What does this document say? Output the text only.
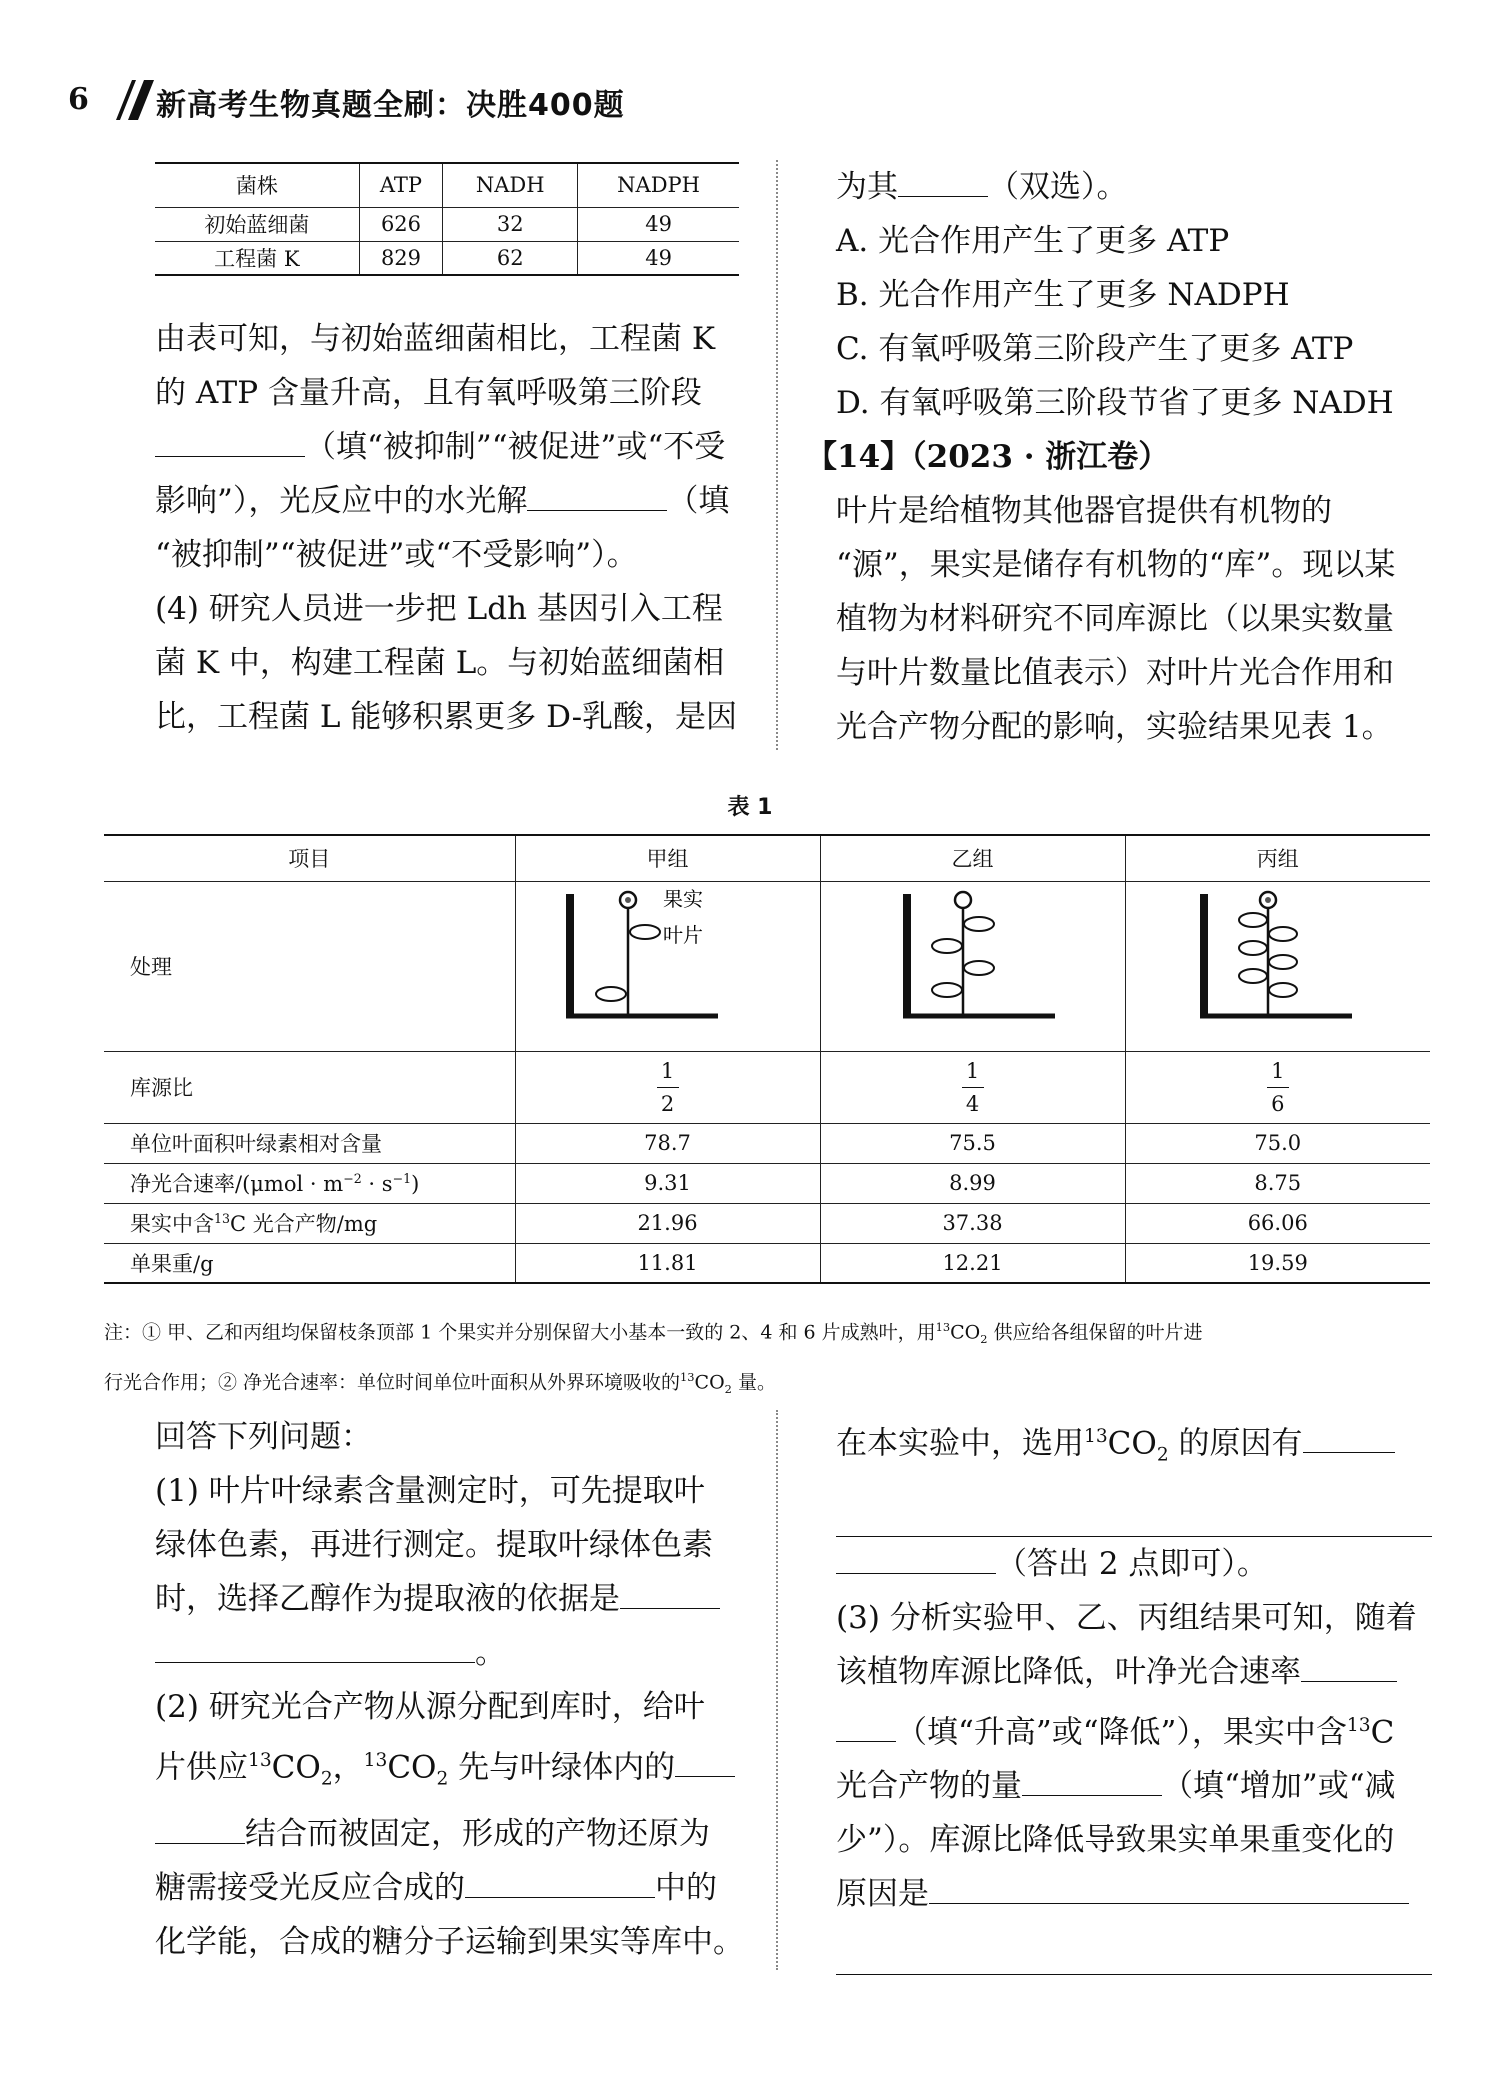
6 新高考生物真题全刷：决胜400题
菌株	ATP	NADH	NADPH
初始蓝细菌	626	32	49
工程菌 K	829	62	49

由表可知，与初始蓝细菌相比，工程菌 K

的 ATP 含量升高，且有氧呼吸第三阶段

（填“被抑制”“被促进”或“不受

影响”），光反应中的水光解	（填

“被抑制”“被促进”或“不受影响”）。

(4) 研究人员进一步把 Ldh 基因引入工程

菌 K 中，构建工程菌 L。与初始蓝细菌相

比，工程菌 L 能够积累更多 D-乳酸，是因

为其	（双选）。

A. 光合作用产生了更多 ATP

B. 光合作用产生了更多 NADPH

C. 有氧呼吸第三阶段产生了更多 ATP

D. 有氧呼吸第三阶段节省了更多 NADH

【14】（2023 · 浙江卷）

叶片是给植物其他器官提供有机物的

“源”，果实是储存有机物的“库”。现以某

植物为材料研究不同库源比（以果实数量

与叶片数量比值表示）对叶片光合作用和

光合产物分配的影响，实验结果见表 1。

表 1
项目	甲组	乙组	丙组
处理	果实
叶片

库源比	$\frac{1}{2}$	$\frac{1}{4}$	$\frac{1}{6}$

单位叶面积叶绿素相对含量	78.7	75.5	75.0
净光合速率$/(\mu mol \cdot m^{-2} \cdot s^{-1})$	9.31	8.99	8.75
果实中含$^{13}$C 光合产物/mg	21.96	37.38	66.06
单果重/g	11.81	12.21	19.59
注：① 甲、乙和丙组均保留枝条顶部 1 个果实并分别保留大小基本一致的 2、4 和 6 片成熟叶，用$^{13}CO_2$ 供应给各组保留的叶片进
行光合作用；② 净光合速率：单位时间单位叶面积从外界环境吸收的$^{13}CO_2$ 量。

回答下列问题：

(1) 叶片叶绿素含量测定时，可先提取叶

绿体色素，再进行测定。提取叶绿体色素

时，选择乙醇作为提取液的依据是

。

(2) 研究光合产物从源分配到库时，给叶

片供应$^{13}CO_2$，$^{13}CO_2$ 先与叶绿体内的

结合而被固定，形成的产物还原为

糖需接受光反应合成的	中的

化学能，合成的糖分子运输到果实等库中。

在本实验中，选用$^{13}CO_2$ 的原因有

（答出 2 点即可）。

(3) 分析实验甲、乙、丙组结果可知，随着

该植物库源比降低，叶净光合速率

（填“升高”或“降低”），果实中含$^{13}$C

光合产物的量	（填“增加”或“减

少”）。库源比降低导致果实单果重变化的

原因是
